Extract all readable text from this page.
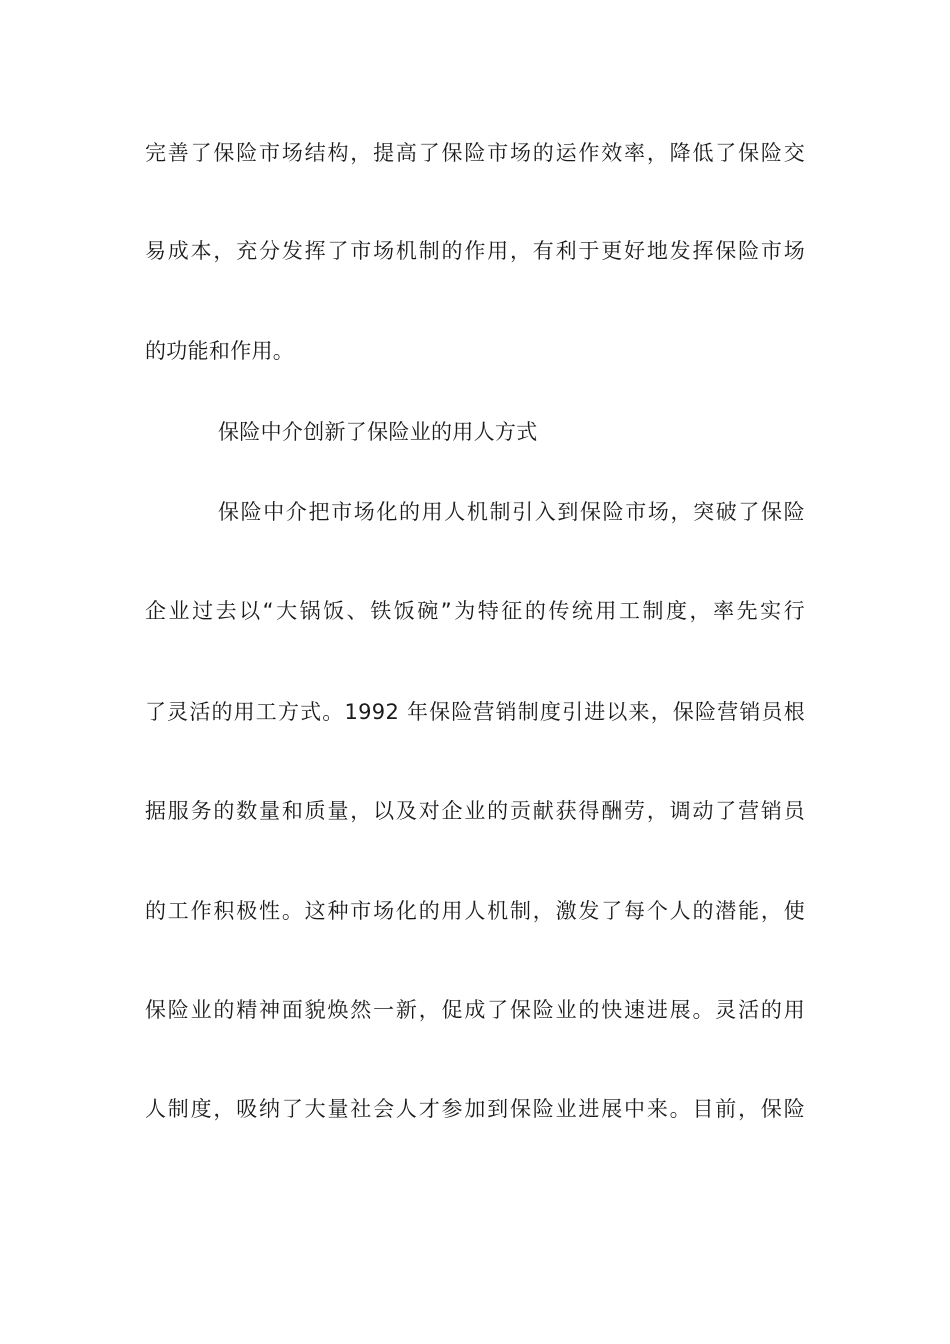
完善了保险市场结构，提高了保险市场的运作效率，降低了保险交
易成本，充分发挥了市场机制的作用，有利于更好地发挥保险市场
的功能和作用。
保险中介创新了保险业的用人方式
保险中介把市场化的用人机制引入到保险市场，突破了保险
企业过去以“大锅饭、铁饭碗”为特征的传统用工制度，率先实行
了灵活的用工方式。1992 年保险营销制度引进以来，保险营销员根
据服务的数量和质量，以及对企业的贡献获得酬劳，调动了营销员
的工作积极性。这种市场化的用人机制，激发了每个人的潜能，使
保险业的精神面貌焕然一新，促成了保险业的快速进展。灵活的用
人制度，吸纳了大量社会人才参加到保险业进展中来。目前，保险
